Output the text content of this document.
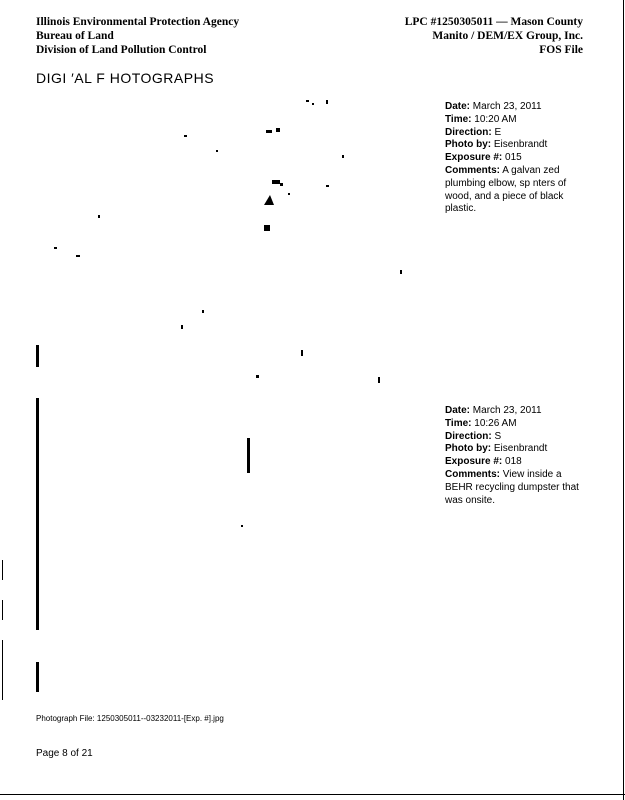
Illinois Environmental Protection Agency
Bureau of Land
Division of Land Pollution Control
LPC #1250305011 — Mason County
Manito / DEM/EX Group, Inc.
FOS File
DIGI ′AL F HOTOGRAPHS
Date: March 23, 2011
Time: 10:20 AM
Direction: E
Photo by: Eisenbrandt
Exposure #: 015
Comments: A galvan zed plumbing elbow, sp nters of wood, and a piece of black plastic.
Date: March 23, 2011
Time: 10:26 AM
Direction: S
Photo by: Eisenbrandt
Exposure #: 018
Comments: View inside a BEHR recycling dumpster that was onsite.
Photograph File: 1250305011--03232011-[Exp. #].jpg
Page 8 of 21
